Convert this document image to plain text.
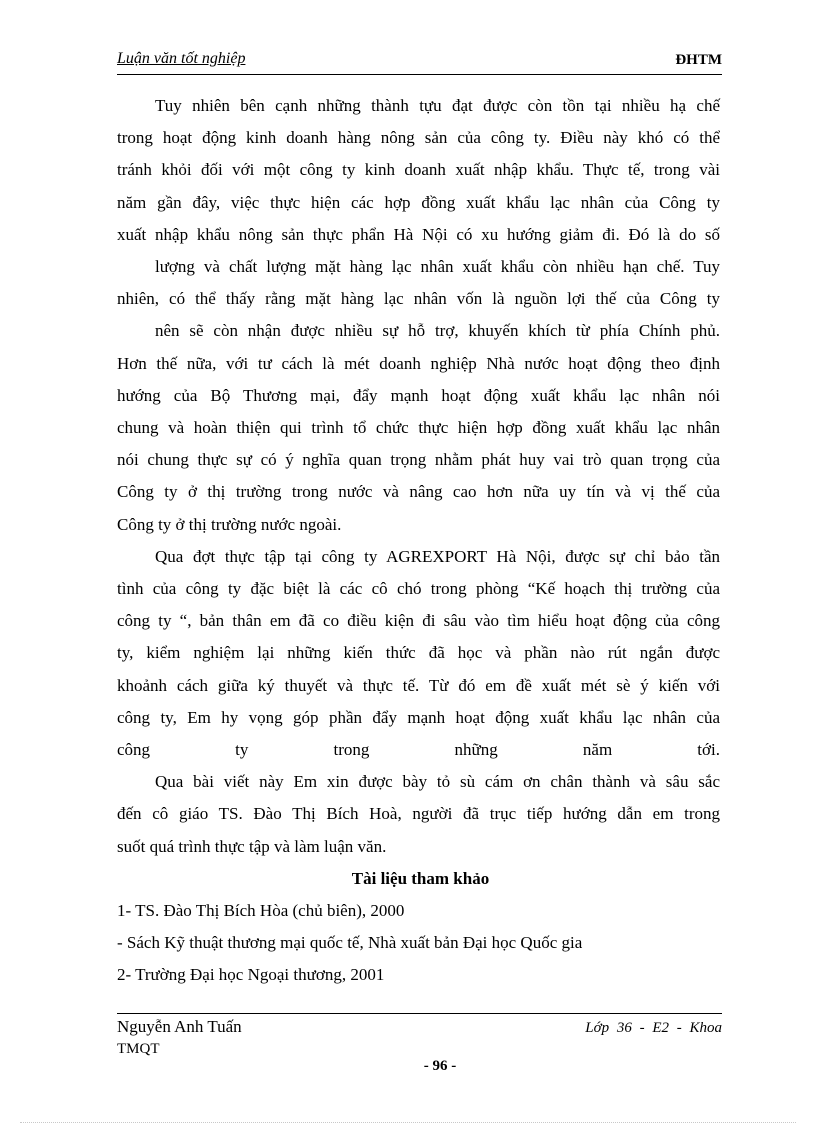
Luận văn tốt nghiệp	ĐHTM

Tuy nhiên bên cạnh những thành tựu đạt được còn tồn tại nhiều hạ chế
trong hoạt động kinh doanh hàng nông sản của công ty. Điều này khó có thể
tránh khỏi đối với một công ty kinh doanh xuất nhập khẩu. Thực tế, trong vài
năm gần đây, việc thực hiện các hợp đồng xuất khẩu lạc nhân của Công ty
xuất nhập khẩu nông sản thực phẩn Hà Nội có xu hướng giảm đi. Đó là do số
lượng và chất lượng mặt hàng lạc nhân xuất khẩu còn nhiều hạn chế. Tuy
nhiên, có thể thấy rằng mặt hàng lạc nhân vốn là nguồn lợi thế của Công ty
nên sẽ còn nhận được nhiều sự hỗ trợ, khuyến khích từ phía Chính phủ.
Hơn thế nữa, với tư cách là mét doanh nghiệp Nhà nước hoạt động theo định
hướng của Bộ Thương mại, đẩy mạnh hoạt động xuất khẩu lạc nhân nói
chung và hoàn thiện qui trình tổ chức thực hiện hợp đồng xuất khẩu lạc nhân
nói chung thực sự có ý nghĩa quan trọng nhằm phát huy vai trò quan trọng của
Công ty ở thị trường trong nước và nâng cao hơn nữa uy tín và vị thế của
Công ty ở thị trường nước ngoài.

Qua đợt thực tập tại công ty AGREXPORT Hà Nội, được sự chỉ bảo tần
tình của công ty đặc biệt là các cô chó trong phòng “Kế hoạch thị trường của
công ty “, bản thân em đã co điều kiện đi sâu vào tìm hiểu hoạt động của công
ty, kiểm nghiệm lại những kiến thức đã học và phần nào rút ngắn được
khoảnh cách giữa ký thuyết và thực tế. Từ đó em đề xuất mét sè ý kiến với
công ty, Em hy vọng góp phần đẩy mạnh hoạt động xuất khẩu lạc nhân của
công ty trong những năm tới.

Qua bài viết này Em xin được bày tỏ sù cám ơn chân thành và sâu sắc
đến cô giáo TS. Đào Thị Bích Hoà, người đã trục tiếp hướng dẫn em trong
suốt quá trình thực tập và làm luận văn.

Tài liệu tham khảo

1- TS. Đào Thị Bích Hòa (chủ biên), 2000

- Sách Kỹ thuật thương mại quốc tế, Nhà xuất bản Đại học Quốc gia

2- Trường Đại học Ngoại thương, 2001

Nguyễn Anh Tuấn	Lớp 36 - E2 - Khoa
TMQT
- 96 -
